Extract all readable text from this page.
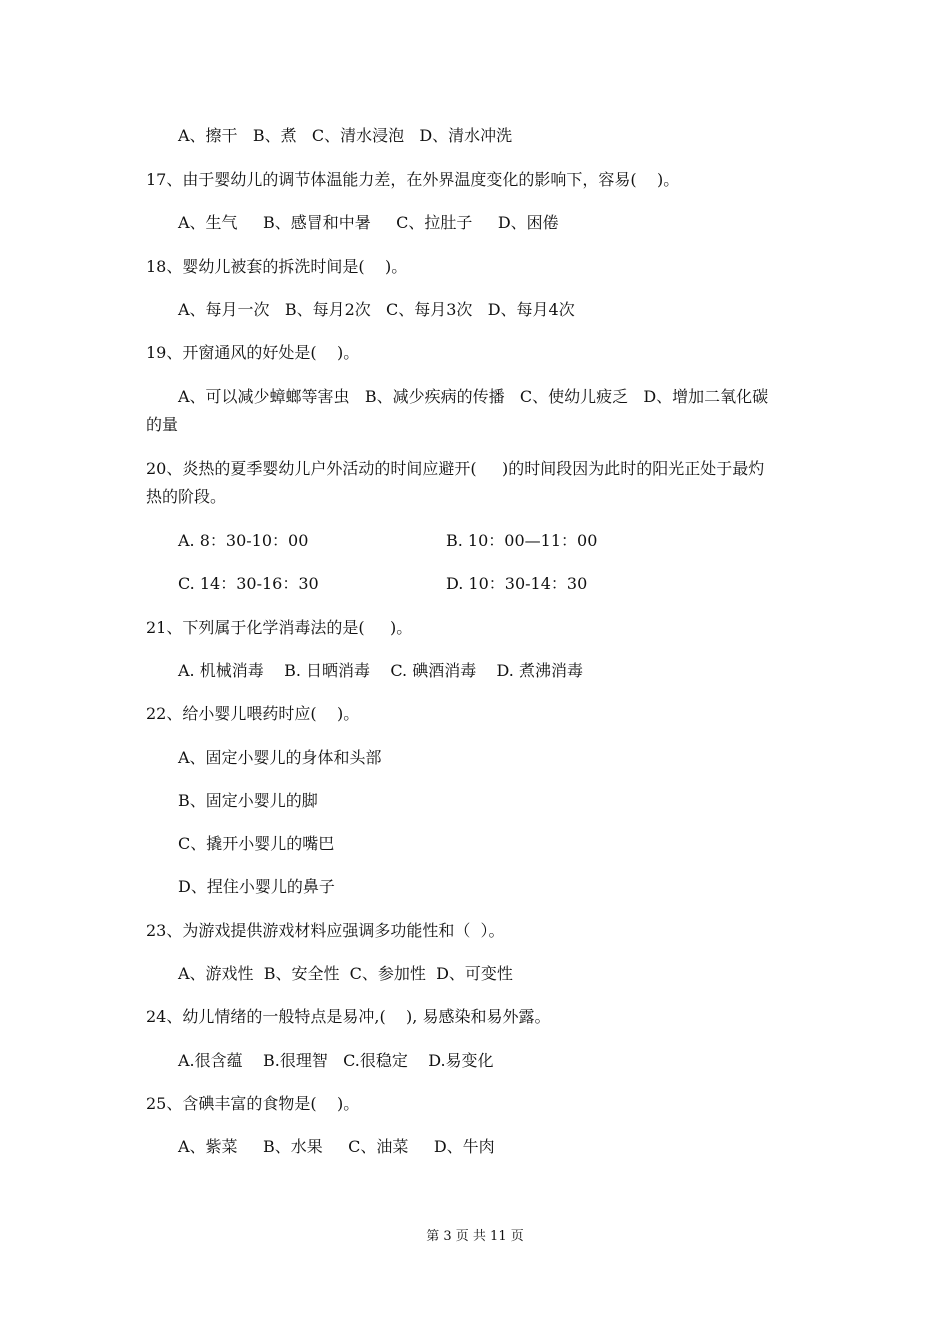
A、擦干   B、煮   C、清水浸泡   D、清水冲洗
17、由于婴幼儿的调节体温能力差，在外界温度变化的影响下，容易(    )。
A、生气     B、感冒和中暑     C、拉肚子     D、困倦
18、婴幼儿被套的拆洗时间是(    )。
A、每月一次   B、每月2次   C、每月3次   D、每月4次
19、开窗通风的好处是(    )。
A、可以减少蟑螂等害虫   B、减少疾病的传播   C、使幼儿疲乏   D、增加二氧化碳
的量
20、炎热的夏季婴幼儿户外活动的时间应避开(     )的时间段因为此时的阳光正处于最灼
热的阶段。
A. 8：30-10：00	B. 10：00—11：00
C. 14：30-16：30	D. 10：30-14：30
21、下列属于化学消毒法的是(     )。
A. 机械消毒    B. 日晒消毒    C. 碘酒消毒    D. 煮沸消毒
22、给小婴儿喂药时应(    )。
A、固定小婴儿的身体和头部
B、固定小婴儿的脚
C、撬开小婴儿的嘴巴
D、捏住小婴儿的鼻子
23、为游戏提供游戏材料应强调多功能性和（  ）。
A、游戏性  B、安全性  C、参加性  D、可变性
24、幼儿情绪的一般特点是易冲,(    ), 易感染和易外露。
A.很含蕴    B.很理智   C.很稳定    D.易变化
25、含碘丰富的食物是(    )。
A、紫菜     B、水果     C、油菜     D、牛肉
第 3 页 共 11 页
